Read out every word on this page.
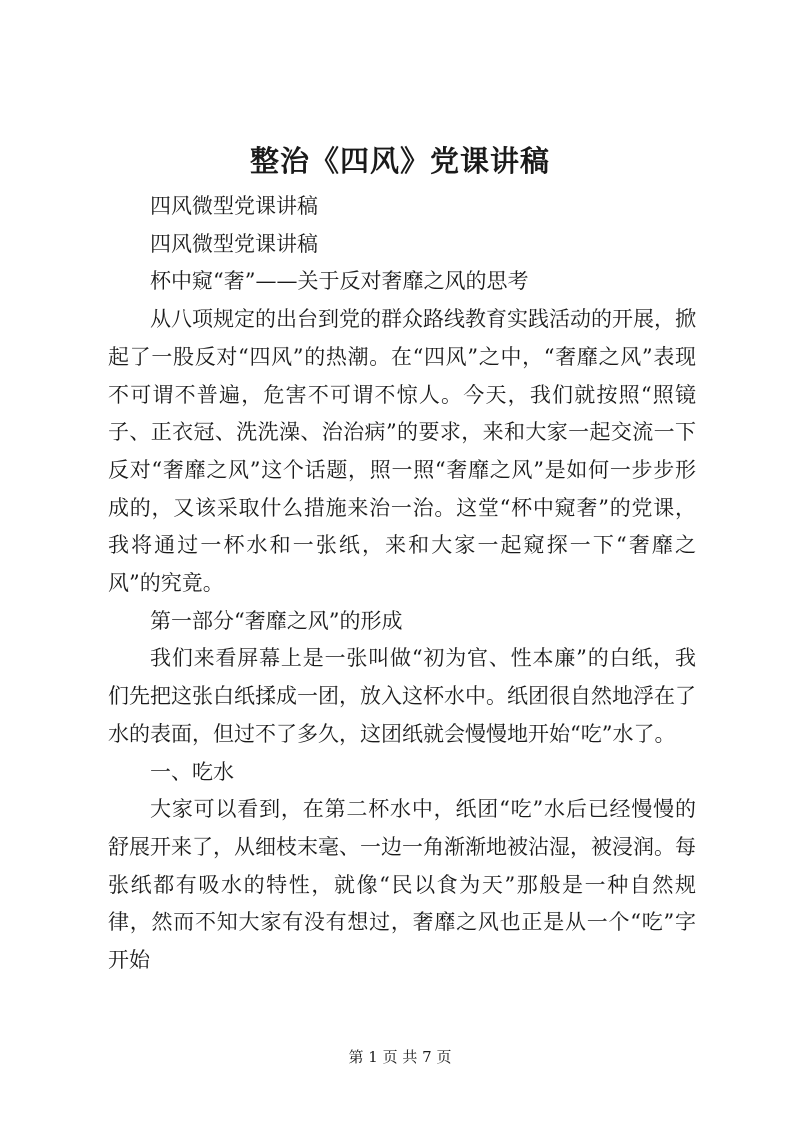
整治《四风》党课讲稿

四风微型党课讲稿

四风微型党课讲稿

杯中窥“奢”——关于反对奢靡之风的思考

从八项规定的出台到党的群众路线教育实践活动的开展，掀起了一股反对“四风”的热潮。在“四风”之中，“奢靡之风”表现不可谓不普遍，危害不可谓不惊人。今天，我们就按照“照镜子、正衣冠、洗洗澡、治治病”的要求，来和大家一起交流一下反对“奢靡之风”这个话题，照一照“奢靡之风”是如何一步步形成的，又该采取什么措施来治一治。这堂“杯中窥奢”的党课，我将通过一杯水和一张纸，来和大家一起窥探一下“奢靡之风”的究竟。

第一部分“奢靡之风”的形成

我们来看屏幕上是一张叫做“初为官、性本廉”的白纸，我们先把这张白纸揉成一团，放入这杯水中。纸团很自然地浮在了水的表面，但过不了多久，这团纸就会慢慢地开始“吃”水了。

一、吃水

大家可以看到，在第二杯水中，纸团“吃”水后已经慢慢的舒展开来了，从细枝末毫、一边一角渐渐地被沾湿，被浸润。每张纸都有吸水的特性，就像“民以食为天”那般是一种自然规律，然而不知大家有没有想过，奢靡之风也正是从一个“吃”字开始

第 1 页 共 7 页
